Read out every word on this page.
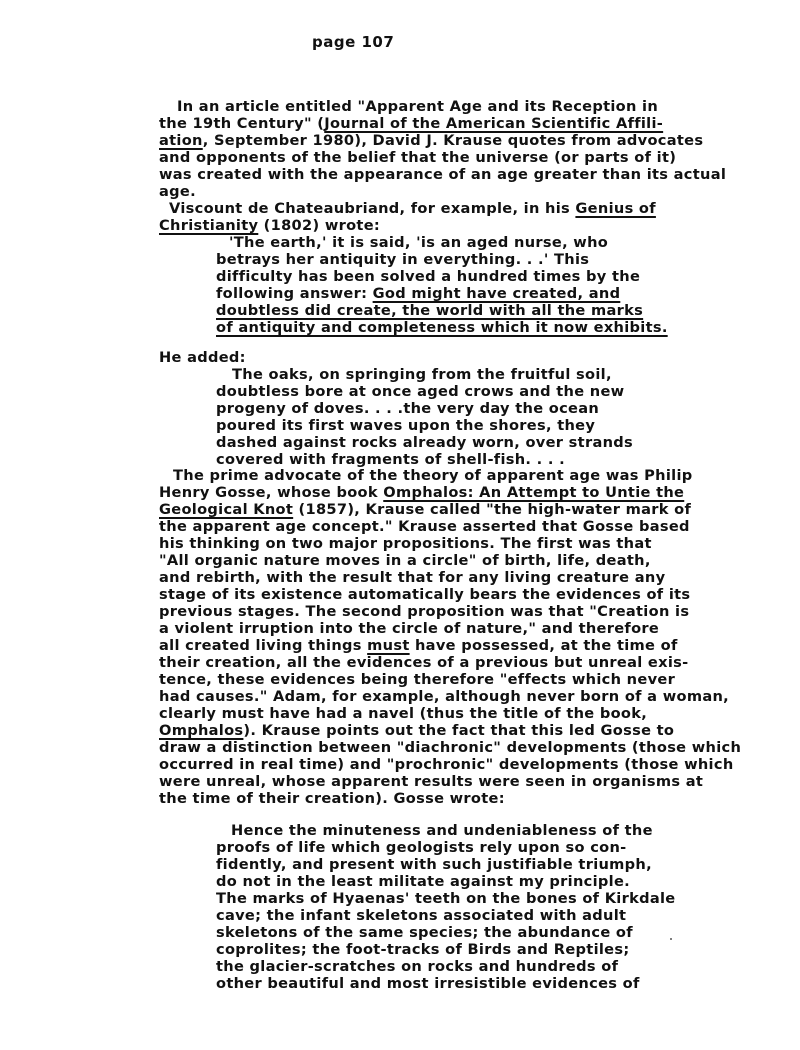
page 107
In an article entitled "Apparent Age and its Reception in
the 19th Century" (Journal of the American Scientific Affili-
ation, September 1980), David J. Krause quotes from advocates
and opponents of the belief that the universe (or parts of it)
was created with the appearance of an age greater than its actual
age.
Viscount de Chateaubriand, for example, in his Genius of
Christianity (1802) wrote:
'The earth,' it is said, 'is an aged nurse, who
betrays her antiquity in everything. . .' This
difficulty has been solved a hundred times by the
following answer: God might have created, and
doubtless did create, the world with all the marks
of antiquity and completeness which it now exhibits.
He added:
The oaks, on springing from the fruitful soil,
doubtless bore at once aged crows and the new
progeny of doves. . . .the very day the ocean
poured its first waves upon the shores, they
dashed against rocks already worn, over strands
covered with fragments of shell-fish. . . .
The prime advocate of the theory of apparent age was Philip
Henry Gosse, whose book Omphalos: An Attempt to Untie the
Geological Knot (1857), Krause called "the high-water mark of
the apparent age concept." Krause asserted that Gosse based
his thinking on two major propositions. The first was that
"All organic nature moves in a circle" of birth, life, death,
and rebirth, with the result that for any living creature any
stage of its existence automatically bears the evidences of its
previous stages. The second proposition was that "Creation is
a violent irruption into the circle of nature," and therefore
all created living things must have possessed, at the time of
their creation, all the evidences of a previous but unreal exis-
tence, these evidences being therefore "effects which never
had causes." Adam, for example, although never born of a woman,
clearly must have had a navel (thus the title of the book,
Omphalos). Krause points out the fact that this led Gosse to
draw a distinction between "diachronic" developments (those which
occurred in real time) and "prochronic" developments (those which
were unreal, whose apparent results were seen in organisms at
the time of their creation). Gosse wrote:
Hence the minuteness and undeniableness of the
proofs of life which geologists rely upon so con-
fidently, and present with such justifiable triumph,
do not in the least militate against my principle.
The marks of Hyaenas' teeth on the bones of Kirkdale
cave; the infant skeletons associated with adult
skeletons of the same species; the abundance of
coprolites; the foot-tracks of Birds and Reptiles;
the glacier-scratches on rocks and hundreds of
other beautiful and most irresistible evidences of
